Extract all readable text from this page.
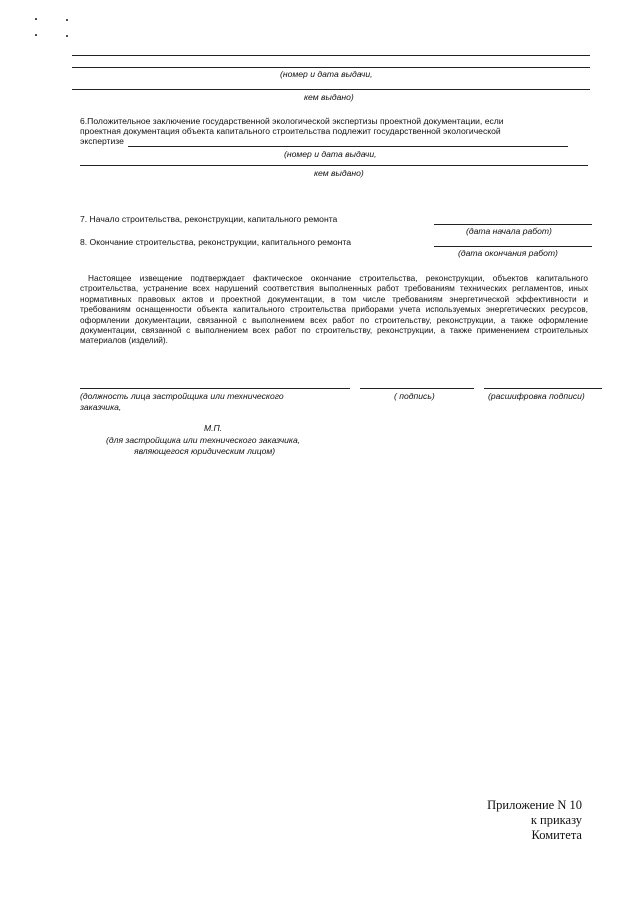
(номер и дата выдачи,
кем выдано)
6.Положительное заключение государственной экологической экспертизы проектной документации, если
проектная документация объекта капитального строительства подлежит государственной экологической
экспертизе
(номер и дата выдачи,
кем выдано)
7. Начало строительства, реконструкции, капитального ремонта
(дата начала работ)
8. Окончание строительства, реконструкции, капитального ремонта
(дата окончания работ)
Настоящее извещение подтверждает фактическое окончание строительства, реконструкции, объектов капитального строительства, устранение всех нарушений соответствия выполненных работ требованиям технических регламентов, иных нормативных правовых актов и проектной документации, в том числе требованиям энергетической эффективности и требованиям оснащенности объекта капитального строительства приборами учета используемых энергетических ресурсов, оформлении документации, связанной с выполнением всех работ по строительству, реконструкции, а также оформление документации, связанной с выполнением всех работ по строительству, реконструкции, а также применением строительных материалов (изделий).
(должность лица застройщика или технического
заказчика,
( подпись)	(расшифровка подписи)
М.П.
(для застройщика или технического заказчика,
являющегося юридическим лицом)
Приложение N 10
к приказу
Комитета
